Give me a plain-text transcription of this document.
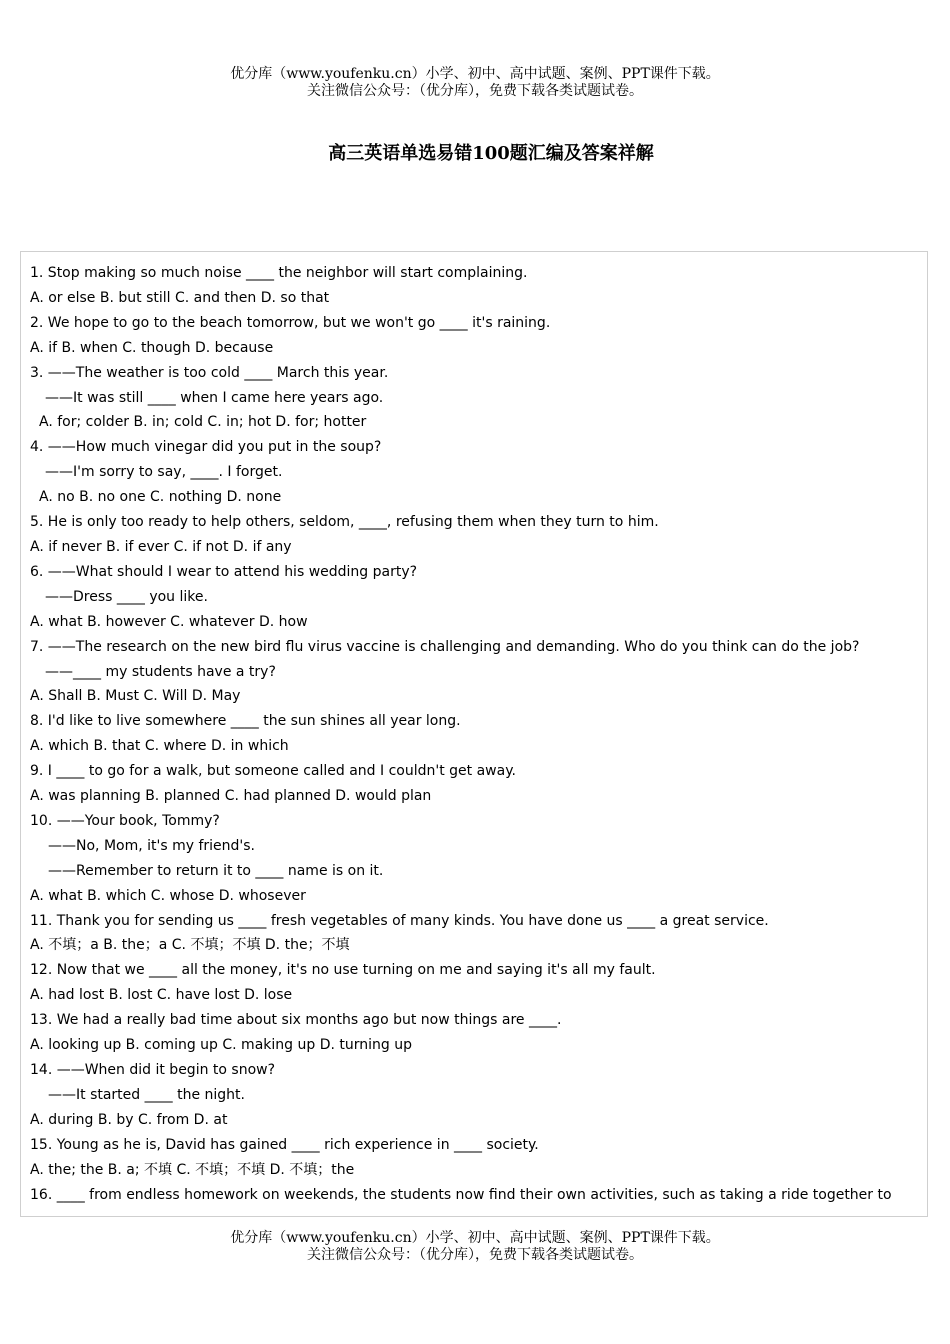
优分库（www.youfenku.cn）小学、初中、高中试题、案例、PPT课件下载。
关注微信公众号：（优分库），免费下载各类试题试卷。
高三英语单选易错100题汇编及答案祥解
1. Stop making so much noise ____ the neighbor will start complaining.
A. or else B. but still C. and then D. so that
2. We hope to go to the beach tomorrow, but we won't go ____ it's raining.
A. if B. when C. though D. because
3. ——The weather is too cold ____ March this year.
——It was still ____ when I came here years ago.
A. for; colder B. in; cold C. in; hot D. for; hotter
4. ——How much vinegar did you put in the soup?
——I'm sorry to say, ____. I forget.
A. no B. no one C. nothing D. none
5. He is only too ready to help others, seldom, ____, refusing them when they turn to him.
A. if never B. if ever C. if not D. if any
6. ——What should I wear to attend his wedding party?
——Dress ____ you like.
A. what B. however C. whatever D. how
7. ——The research on the new bird flu virus vaccine is challenging and demanding. Who do you think can do the job?
——____ my students have a try?
A. Shall B. Must C. Will D. May
8. I'd like to live somewhere ____ the sun shines all year long.
A. which B. that C. where D. in which
9. I ____ to go for a walk, but someone called and I couldn't get away.
A. was planning B. planned C. had planned D. would plan
10. ——Your book, Tommy?
——No, Mom, it's my friend's.
——Remember to return it to ____ name is on it.
A. what B. which C. whose D. whosever
11. Thank you for sending us ____ fresh vegetables of many kinds. You have done us ____ a great service.
A. 不填；a B. the；a C. 不填；不填 D. the；不填
12. Now that we ____ all the money, it's no use turning on me and saying it's all my fault.
A. had lost B. lost C. have lost D. lose
13. We had a really bad time about six months ago but now things are ____.
A. looking up B. coming up C. making up D. turning up
14. ——When did it begin to snow?
——It started ____ the night.
A. during B. by C. from D. at
15. Young as he is, David has gained ____ rich experience in ____ society.
A. the; the B. a; 不填 C. 不填；不填 D. 不填；the
16. ____ from endless homework on weekends, the students now find their own activities, such as taking a ride together to
优分库（www.youfenku.cn）小学、初中、高中试题、案例、PPT课件下载。
关注微信公众号：（优分库），免费下载各类试题试卷。
